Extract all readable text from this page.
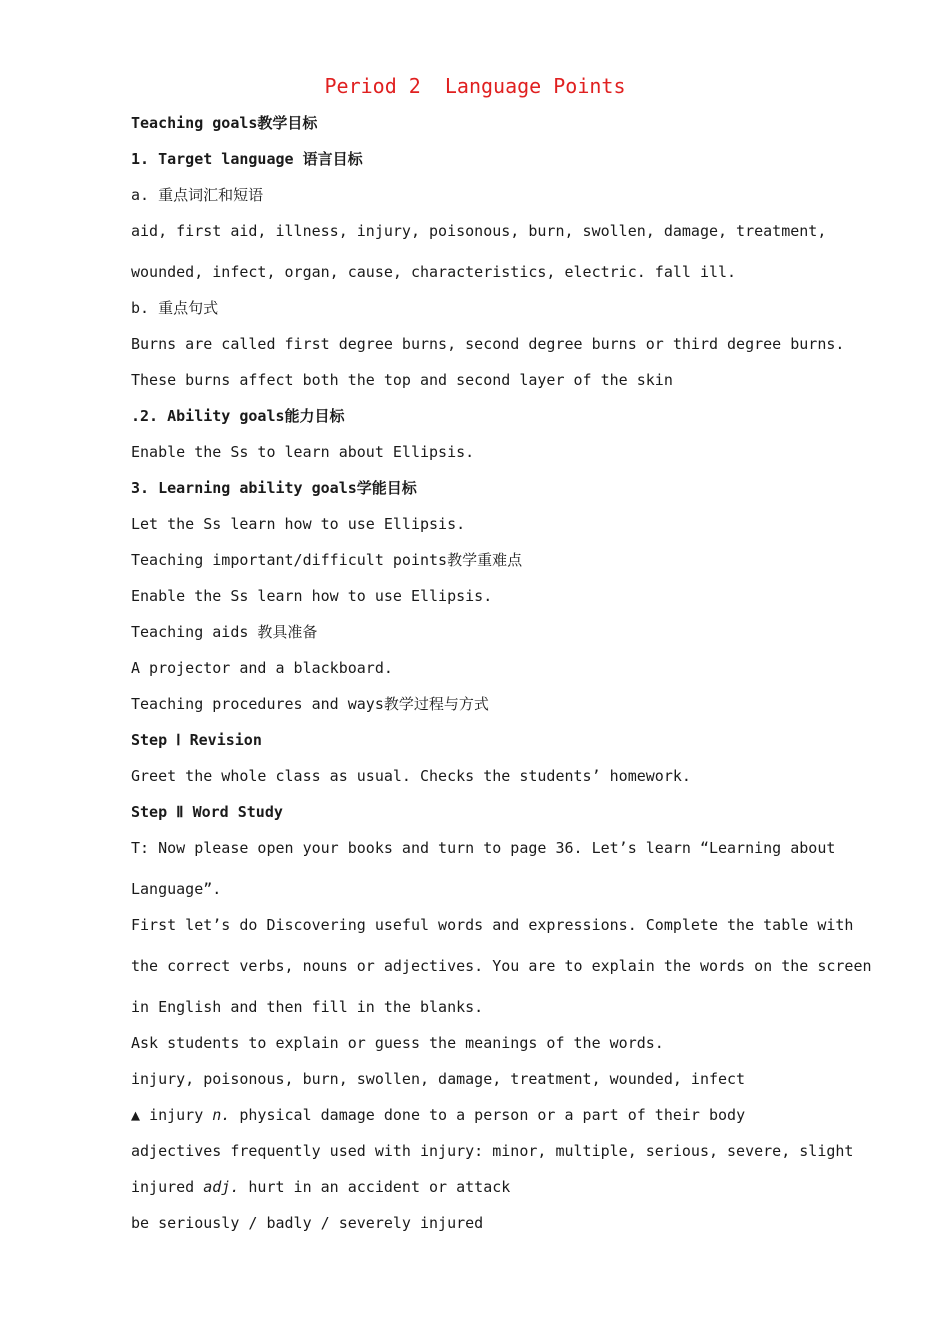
Period 2  Language Points
Teaching goals教学目标
1. Target language 语言目标
a. 重点词汇和短语
aid, first aid, illness, injury, poisonous, burn, swollen, damage, treatment,
wounded, infect, organ, cause, characteristics, electric. fall ill.
b. 重点句式
Burns are called first degree burns, second degree burns or third degree burns.
These burns affect both the top and second layer of the skin
.2. Ability goals能力目标
Enable the Ss to learn about Ellipsis.
3. Learning ability goals学能目标
Let the Ss learn how to use Ellipsis.
Teaching important/difficult points教学重难点
Enable the Ss learn how to use Ellipsis.
Teaching aids 教具准备
A projector and a blackboard.
Teaching procedures and ways教学过程与方式
Step Ⅰ Revision
Greet the whole class as usual. Checks the students’ homework.
Step Ⅱ Word Study
T: Now please open your books and turn to page 36. Let’s learn “Learning about
Language”.
First let’s do Discovering useful words and expressions. Complete the table with
the correct verbs, nouns or adjectives. You are to explain the words on the screen
in English and then fill in the blanks.
Ask students to explain or guess the meanings of the words.
injury, poisonous, burn, swollen, damage, treatment, wounded, infect
▲ injury n. physical damage done to a person or a part of their body
adjectives frequently used with injury: minor, multiple, serious, severe, slight
injured adj. hurt in an accident or attack
be seriously / badly / severely injured
